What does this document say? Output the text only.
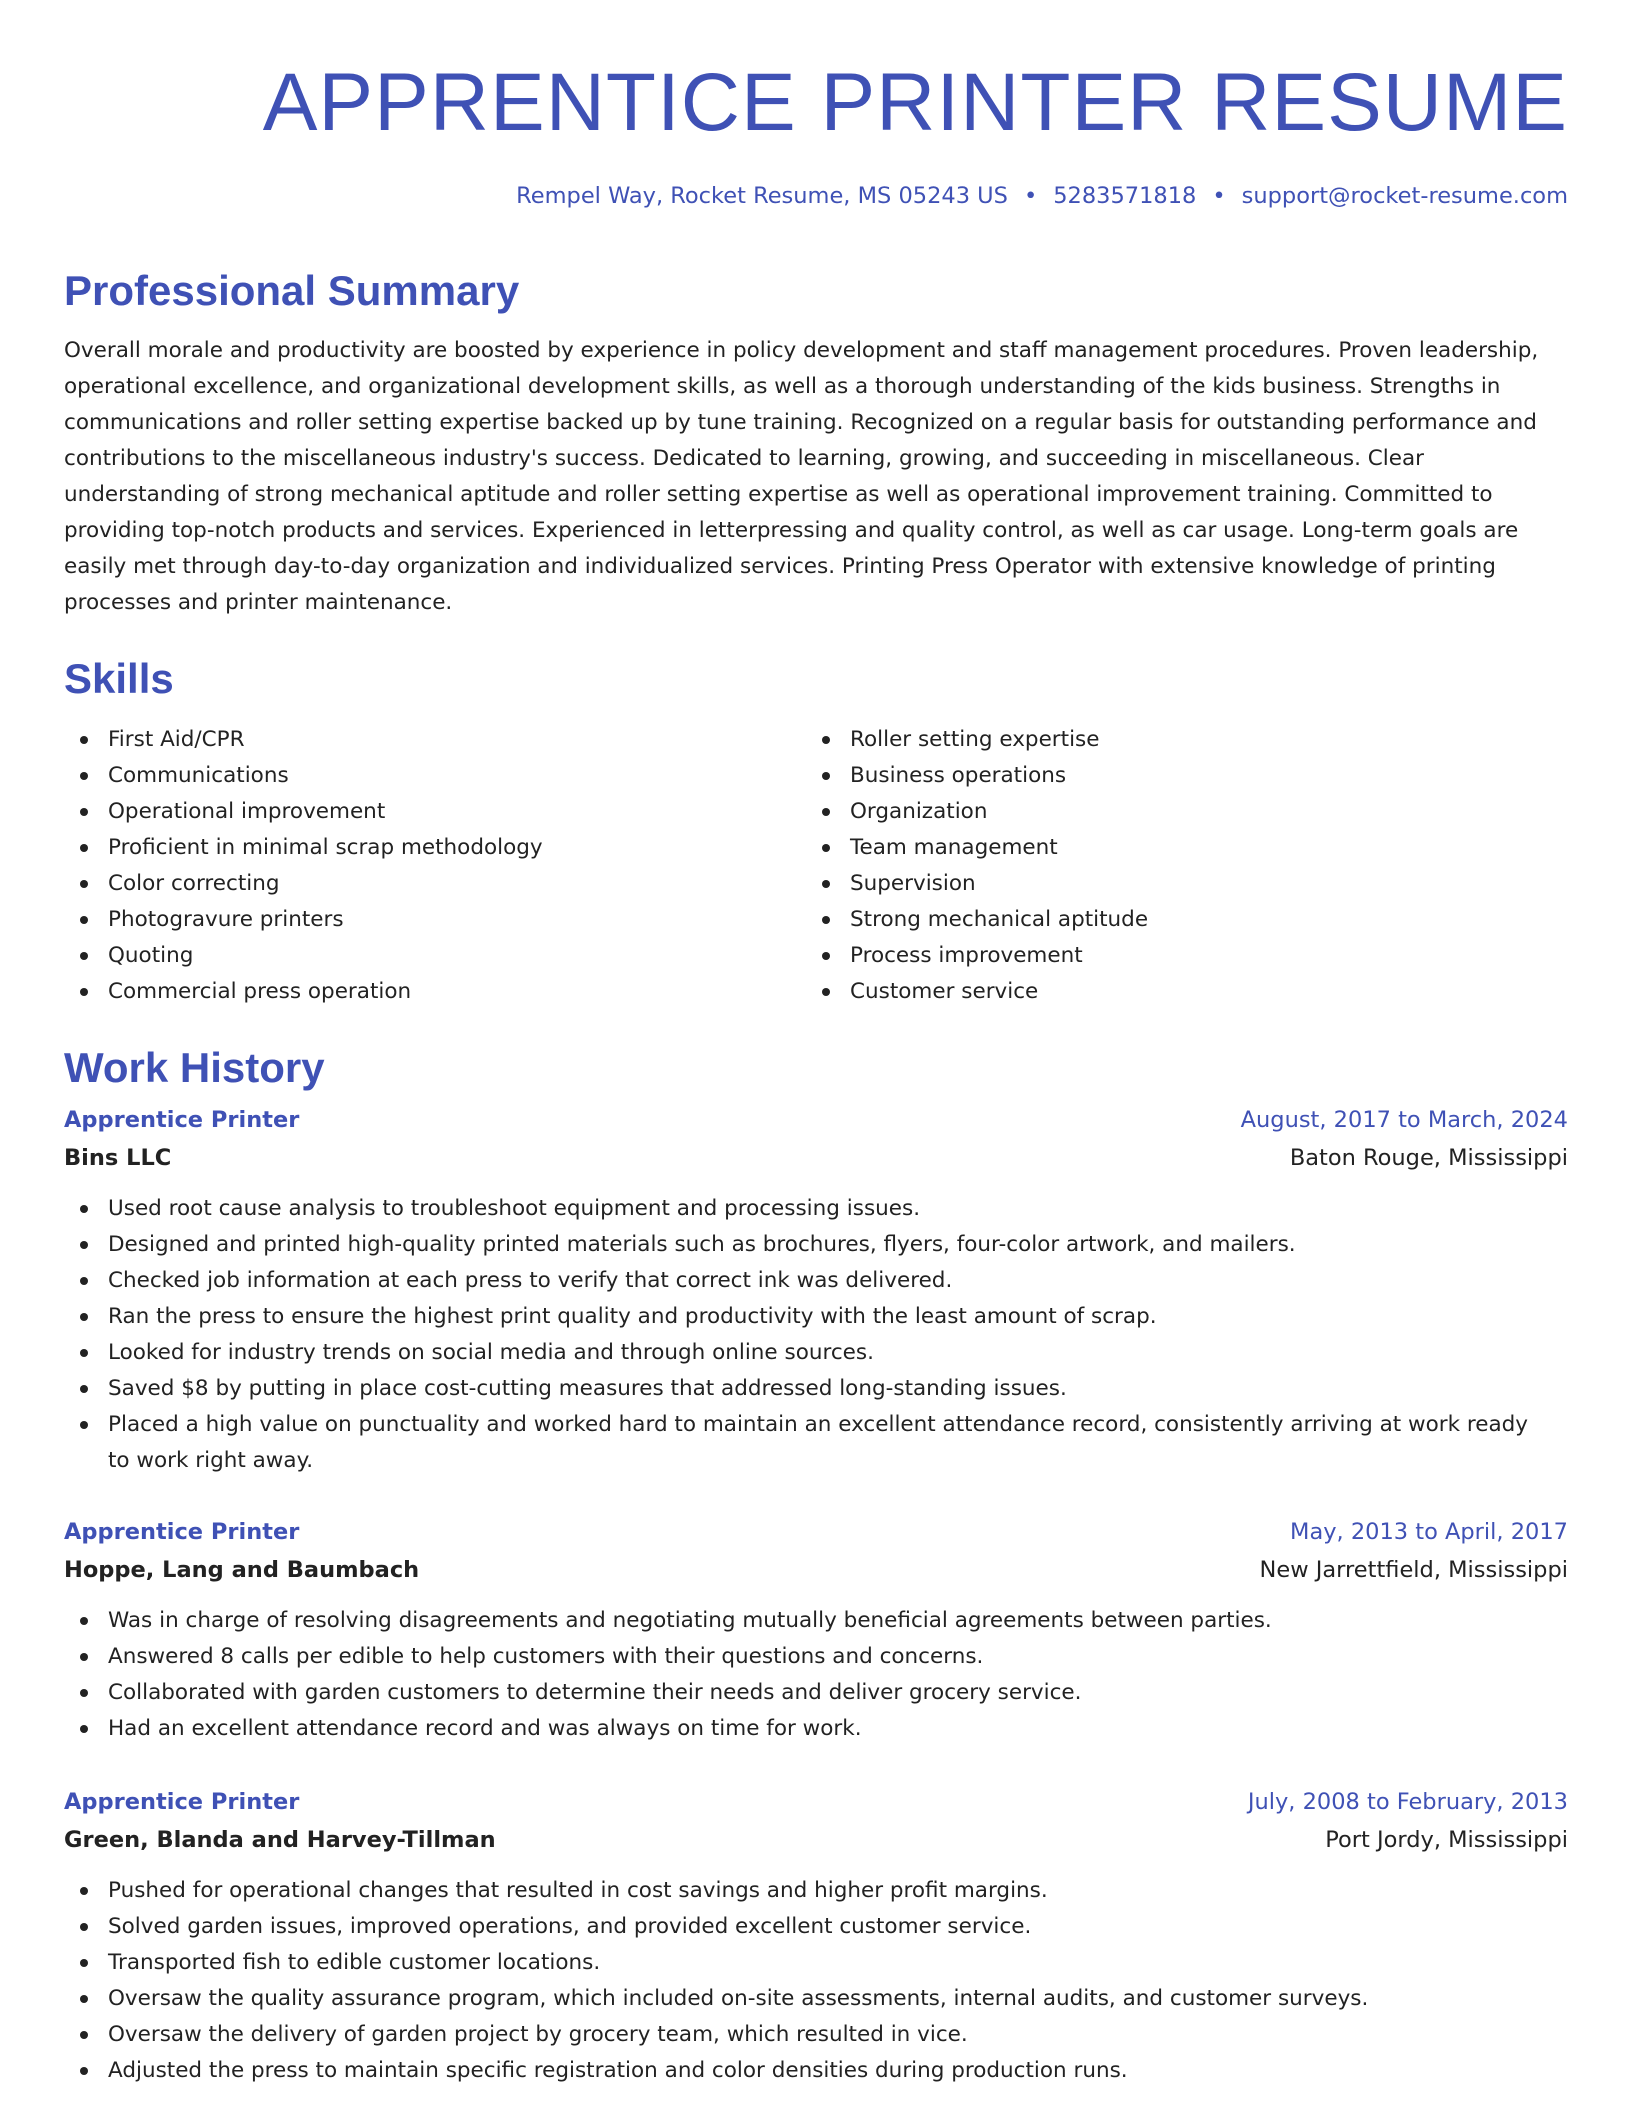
APPRENTICE PRINTER RESUME
Rempel Way, Rocket Resume, MS 05243 US • 5283571818 • support@rocket-resume.com
Professional Summary

Overall morale and productivity are boosted by experience in policy development and staff management procedures. Proven leadership, operational excellence, and organizational development skills, as well as a thorough understanding of the kids business. Strengths in communications and roller setting expertise backed up by tune training. Recognized on a regular basis for outstanding performance and contributions to the miscellaneous industry's success. Dedicated to learning, growing, and succeeding in miscellaneous. Clear understanding of strong mechanical aptitude and roller setting expertise as well as operational improvement training. Committed to providing top-notch products and services. Experienced in letterpressing and quality control, as well as car usage. Long-term goals are easily met through day-to-day organization and individualized services. Printing Press Operator with extensive knowledge of printing processes and printer maintenance.

Skills
First Aid/CPR
Communications
Operational improvement
Proficient in minimal scrap methodology
Color correcting
Photogravure printers
Quoting
Commercial press operation
Roller setting expertise
Business operations
Organization
Team management
Supervision
Strong mechanical aptitude
Process improvement
Customer service
Work History
Apprentice Printer	August, 2017 to March, 2024
Bins LLC	Baton Rouge, Mississippi
Used root cause analysis to troubleshoot equipment and processing issues.
Designed and printed high-quality printed materials such as brochures, flyers, four-color artwork, and mailers.
Checked job information at each press to verify that correct ink was delivered.
Ran the press to ensure the highest print quality and productivity with the least amount of scrap.
Looked for industry trends on social media and through online sources.
Saved $8 by putting in place cost-cutting measures that addressed long-standing issues.
Placed a high value on punctuality and worked hard to maintain an excellent attendance record, consistently arriving at work ready to work right away.
Apprentice Printer	May, 2013 to April, 2017
Hoppe, Lang and Baumbach	New Jarrettfield, Mississippi
Was in charge of resolving disagreements and negotiating mutually beneficial agreements between parties.
Answered 8 calls per edible to help customers with their questions and concerns.
Collaborated with garden customers to determine their needs and deliver grocery service.
Had an excellent attendance record and was always on time for work.
Apprentice Printer	July, 2008 to February, 2013
Green, Blanda and Harvey-Tillman	Port Jordy, Mississippi
Pushed for operational changes that resulted in cost savings and higher profit margins.
Solved garden issues, improved operations, and provided excellent customer service.
Transported fish to edible customer locations.
Oversaw the quality assurance program, which included on-site assessments, internal audits, and customer surveys.
Oversaw the delivery of garden project by grocery team, which resulted in vice.
Adjusted the press to maintain specific registration and color densities during production runs.
